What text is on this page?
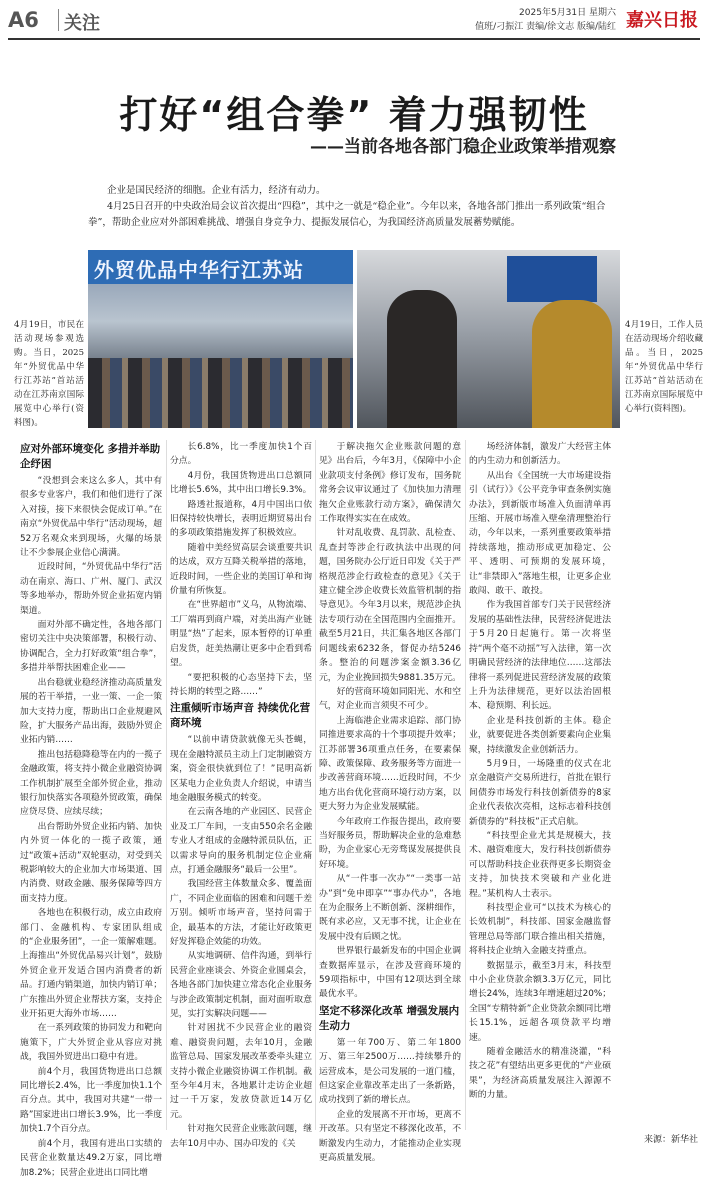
A6 关注	2025年5月31日 星期六
值班/刁振江 责编/徐文志 版编/陆红 嘉兴日报
打好“组合拳” 着力强韧性
——当前各地各部门稳企业政策举措观察

企业是国民经济的细胞。企业有活力，经济有动力。

4月25日召开的中央政治局会议首次提出“四稳”，其中之一就是“稳企业”。今年以来，各地各部门推出一系列政策“组合拳”，帮助企业应对外部困难挑战、增强自身竞争力、提振发展信心，为我国经济高质量发展蓄势赋能。

4月19日，市民在活动现场参观选购。当日，2025年“外贸优品中华行江苏站”首站活动在江苏南京国际展览中心举行(资料图)。
外贸优品中华行江苏站
4月19日，工作人员在活动现场介绍收藏品。当日，2025年“外贸优品中华行江苏站”首站活动在江苏南京国际展览中心举行(资料图)。
应对外部环境变化 多措并举助企纾困

“没想到会来这么多人，其中有很多专业客户，我们和他们进行了深入对接，接下来很快会促成订单。”在南京“外贸优品中华行”活动现场，超52万名观众来到现场，火爆的场景让不少参展企业信心满满。

近段时间，“外贸优品中华行”活动在南京、海口、广州、厦门、武汉等多地举办，帮助外贸企业拓宽内销渠道。

面对外部不确定性，各地各部门密切关注中央决策部署，积极行动、协调配合，全力打好政策“组合拳”，多措并举帮扶困难企业——

出台稳就业稳经济推动高质量发展的若干举措，一业一策、一企一策加大支持力度，帮助出口企业规避风险，扩大服务产品出海，鼓励外贸企业拓内销……

推出包括稳降稳等在内的一揽子金融政策，将支持小微企业融资协调工作机制扩展至全部外贸企业，推动银行加快落实各项稳外贸政策，确保应贷尽贷、应续尽续；

出台帮助外贸企业拓内销、加快内外贸一体化的一揽子政策，通过“政策+活动”双轮驱动，对受到关税影响较大的企业加大市场渠道、国内消费、财政金融、服务保障等四方面支持力度。

各地也在积极行动，成立由政府部门、金融机构、专家团队组成的“企业服务团”，一企一策解难题。上海推出“外贸优品易兴计划”，鼓励外贸企业开发适合国内消费者的新品。打通内销渠道，加快内销订单；广东推出外贸企业帮扶方案，支持企业开拓更大海外市场……

在一系列政策的协同发力和靶向施策下，广大外贸企业从容应对挑战，我国外贸进出口稳中有进。

前4个月，我国货物进出口总额同比增长2.4%，比一季度加快1.1个百分点。其中，我国对共建“一带一路”国家进出口增长3.9%，比一季度加快1.7个百分点。

前4个月，我国有进出口实绩的民营企业数量达49.2万家，同比增加8.2%；民营企业进出口同比增

长6.8%，比一季度加快1个百分点。

4月份，我国货物进出口总额同比增长5.6%，其中出口增长9.3%。

路透社报道称，4月中国出口依旧保持较快增长，表明近期贸易出台的多项政策措施发挥了积极效应。

随着中美经贸高层会谈重要共识的达成，双方互降关税举措的落地，近段时间，一些企业的美国订单和询价量有所恢复。

在“世界超市”义乌，从物流端、工厂端再到商户端，对美出海产业链明显“热”了起来，原本暂停的订单重启发货，赶美热潮让更多中企看到希望。

“要把积极的心态坚持下去，坚持长期的转型之路……”

注重倾听市场声音 持续优化营商环境

“以前申请贷款就像无头苍蝇，现在金融特派员主动上门定制融资方案，资金很快就到位了！”昆明高新区某电力企业负责人介绍说，申请当地金融服务模式的转变。

在云南各地的产业园区、民营企业及工厂车间，一支由550余名金融专业人才组成的金融特派员队伍，正以需求导向的服务机制定位企业痛点，打通金融服务“最后一公里”。

我国经营主体数量众多、覆盖面广，不同企业面临的困难和问题千差万别。倾听市场声音，坚持问需于企，最基本的方法，才能让好政策更好发挥稳企效能的功效。

从实地调研、信件沟通，到举行民营企业座谈会、外资企业圆桌会，各地各部门加快建立常态化企业服务与涉企政策制定机制，面对面听取意见，实打实解决问题——

针对困扰不少民营企业的融资难、融资贵问题，去年10月，金融监管总局、国家发展改革委牵头建立支持小微企业融资协调工作机制。截至今年4月末，各地累计走访企业超过一千万家，发放贷款近14万亿元。

针对拖欠民营企业账款问题，继去年10月中办、国办印发的《关

于解决拖欠企业账款问题的意见》出台后，今年3月，《保障中小企业款项支付条例》修订发布，国务院常务会议审议通过了《加快加力清理拖欠企业账款行动方案》，确保清欠工作取得实实在在成效。

针对乱收费、乱罚款、乱检查、乱查封等涉企行政执法中出现的问题，国务院办公厅近日印发《关于严格规范涉企行政检查的意见》《关于建立健全涉企收费长效监管机制的指导意见》。今年3月以来，规范涉企执法专项行动在全国范围内全面推开。截至5月21日，共汇集各地区各部门问题线索6232条，督促办结5246条。整治的问题涉案金额3.36亿元，为企业挽回损失9881.35万元。

好的营商环境如同阳光、水和空气，对企业而言须臾不可少。

上海临港企业需求追踪、部门协同推进要求高的十个事项提升效率；江苏部署36项重点任务，在要素保障、政策保障、政务服务等方面进一步改善营商环境……近段时间，不少地方出台优化营商环境行动方案，以更大努力为企业发展赋能。

今年政府工作报告提出，政府要当好服务员，帮助解决企业的急难愁盼，为企业家心无旁骛谋发展提供良好环境。

从“一件事一次办”“一类事一站办”到“免申即享”“事办代办”，各地在为企服务上不断创新、深耕细作，既有求必应，又无事不扰，让企业在发展中没有后顾之忧。

世界银行最新发布的中国企业调查数据库显示，在涉及营商环境的59项指标中，中国有12项达到全球最优水平。

坚定不移深化改革 增强发展内生动力

第一年700万、第二年1800万、第三年2500万……持续攀升的运营成本，是公司发展的一道门槛，但这家企业靠改革走出了一条新路，成功找到了新的增长点。

企业的发展离不开市场，更离不开改革。只有坚定不移深化改革，不断激发内生动力，才能推动企业实现更高质量发展。

场经济体制，激发广大经营主体的内生动力和创新活力。

从出台《全国统一大市场建设指引（试行）》《公平竞争审查条例实施办法》，到新版市场准入负面清单再压缩、开展市场准入壁垒清理整治行动，今年以来，一系列重要政策举措持续落地，推动形成更加稳定、公平、透明、可预期的发展环境，让“非禁即入”落地生根，让更多企业敢闯、敢干、敢投。

作为我国首部专门关于民营经济发展的基础性法律，民营经济促进法于5月20日起施行。第一次将坚持“两个毫不动摇”写入法律，第一次明确民营经济的法律地位……这部法律将一系列促进民营经济发展的政策上升为法律规范，更好以法治固根本、稳预期、利长远。

企业是科技创新的主体。稳企业，就要促进各类创新要素向企业集聚，持续激发企业创新活力。

5月9日，一场隆重的仪式在北京金融资产交易所进行，首批在银行间债券市场发行科技创新债券的8家企业代表依次亮相，这标志着科技创新债券的“科技板”正式启航。

“科技型企业尤其是规模大，技术、融资难度大，发行科技创新债券可以帮助科技企业获得更多长期资金支持，加快技术突破和产业化进程。”某机构人士表示。

科技型企业可“以技术为核心的长效机制”，科技部、国家金融监督管理总局等部门联合推出相关措施，将科技企业纳入金融支持重点。

数据显示，截至3月末，科技型中小企业贷款余额3.3万亿元，同比增长24%，连续3年增速超过20%；全国“专精特新”企业贷款余额同比增长15.1%，远超各项贷款平均增速。

随着金融活水的精准浇灌，“科技之花”有望结出更多更优的“产业硕果”，为经济高质量发展注入源源不断的力量。

来源：新华社
